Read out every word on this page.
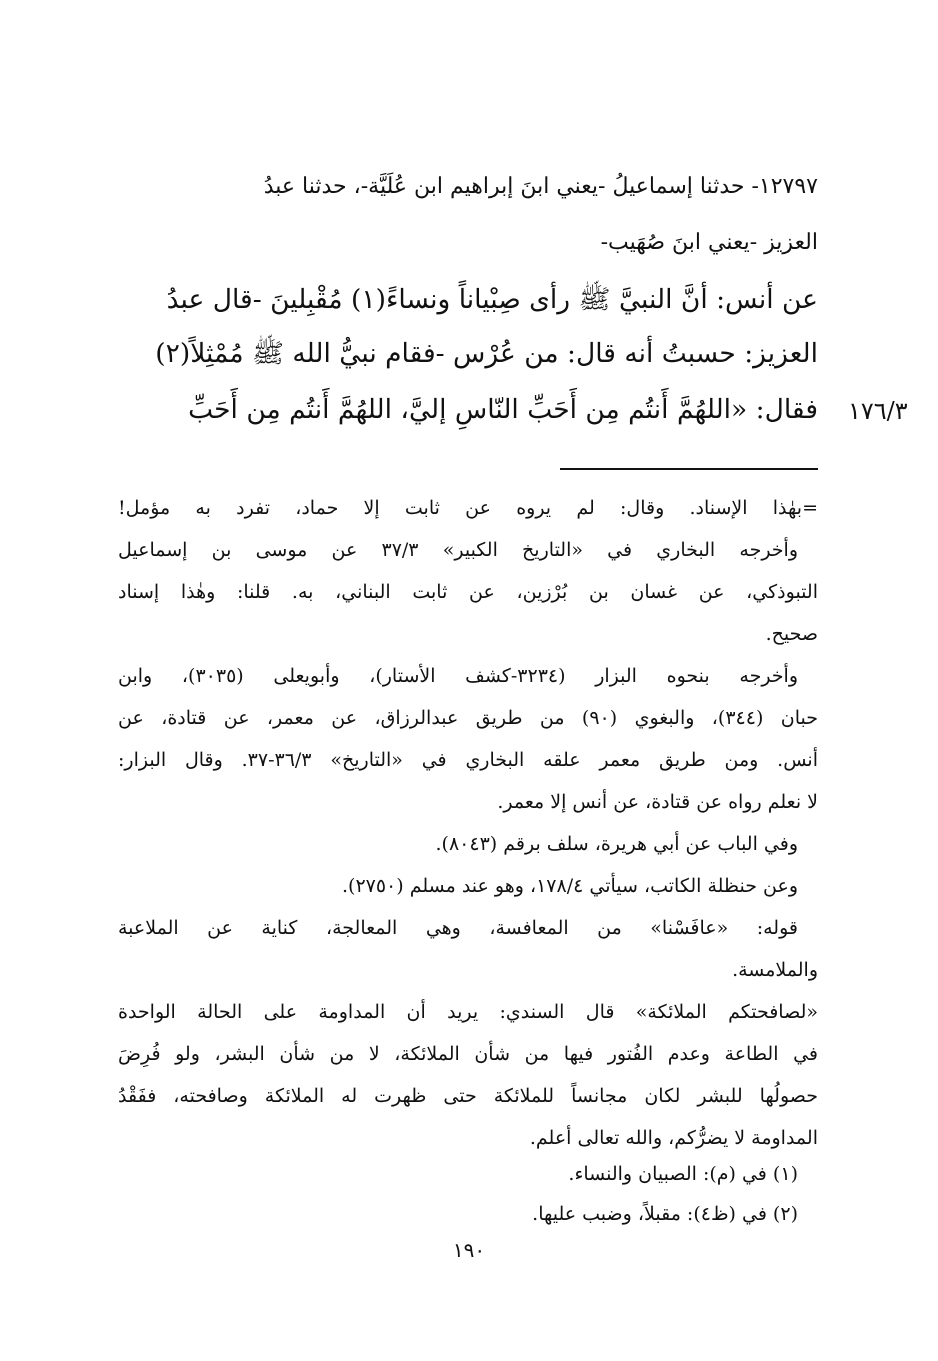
١٢٧٩٧- حدثنا إسماعيلُ -يعني ابنَ إبراهيم ابن عُلَيَّة-، حدثنا عبدُ
العزيز -يعني ابنَ صُهَيب-
عن أنس: أنَّ النبيَّ ﷺ رأى صِبْياناً ونساءً(١) مُقْبِلينَ -قال عبدُ
العزيز: حسبتُ أنه قال: من عُرْس -فقام نبيُّ الله ﷺ مُمْثِلاً(٢)
فقال: «اللهُمَّ أَنتُم مِن أَحَبِّ النّاسِ إليَّ، اللهُمَّ أَنتُم مِن أَحَبِّ ١٧٦/٣
=بهٰذا الإسناد. وقال: لم يروه عن ثابت إلا حماد، تفرد به مؤمل!
وأخرجه البخاري في «التاريخ الكبير» ٣٧/٣ عن موسى بن إسماعيل
التبوذكي، عن غسان بن بُرْزين، عن ثابت البناني، به. قلنا: وهٰذا إسناد
صحيح.
وأخرجه بنحوه البزار (٣٢٣٤-كشف الأستار)، وأبويعلى (٣٠٣٥)، وابن
حبان (٣٤٤)، والبغوي (٩٠) من طريق عبدالرزاق، عن معمر، عن قتادة، عن
أنس. ومن طريق معمر علقه البخاري في «التاريخ» ٣٦/٣-٣٧. وقال البزار:
لا نعلم رواه عن قتادة، عن أنس إلا معمر.
وفي الباب عن أبي هريرة، سلف برقم (٨٠٤٣).
وعن حنظلة الكاتب، سيأتي ١٧٨/٤، وهو عند مسلم (٢٧٥٠).
قوله: «عافَسْنا» من المعافسة، وهي المعالجة، كناية عن الملاعبة
والملامسة.
«لصافحتكم الملائكة» قال السندي: يريد أن المداومة على الحالة الواحدة
في الطاعة وعدم الفُتور فيها من شأن الملائكة، لا من شأن البشر، ولو فُرِضَ
حصولُها للبشر لكان مجانساً للملائكة حتى ظهرت له الملائكة وصافحته، ففَقْدُ
المداومة لا يضرُّكم، والله تعالى أعلم.
(١) في (م): الصبيان والنساء.
(٢) في (ظ٤): مقبلاً، وضبب عليها.
١٩٠
